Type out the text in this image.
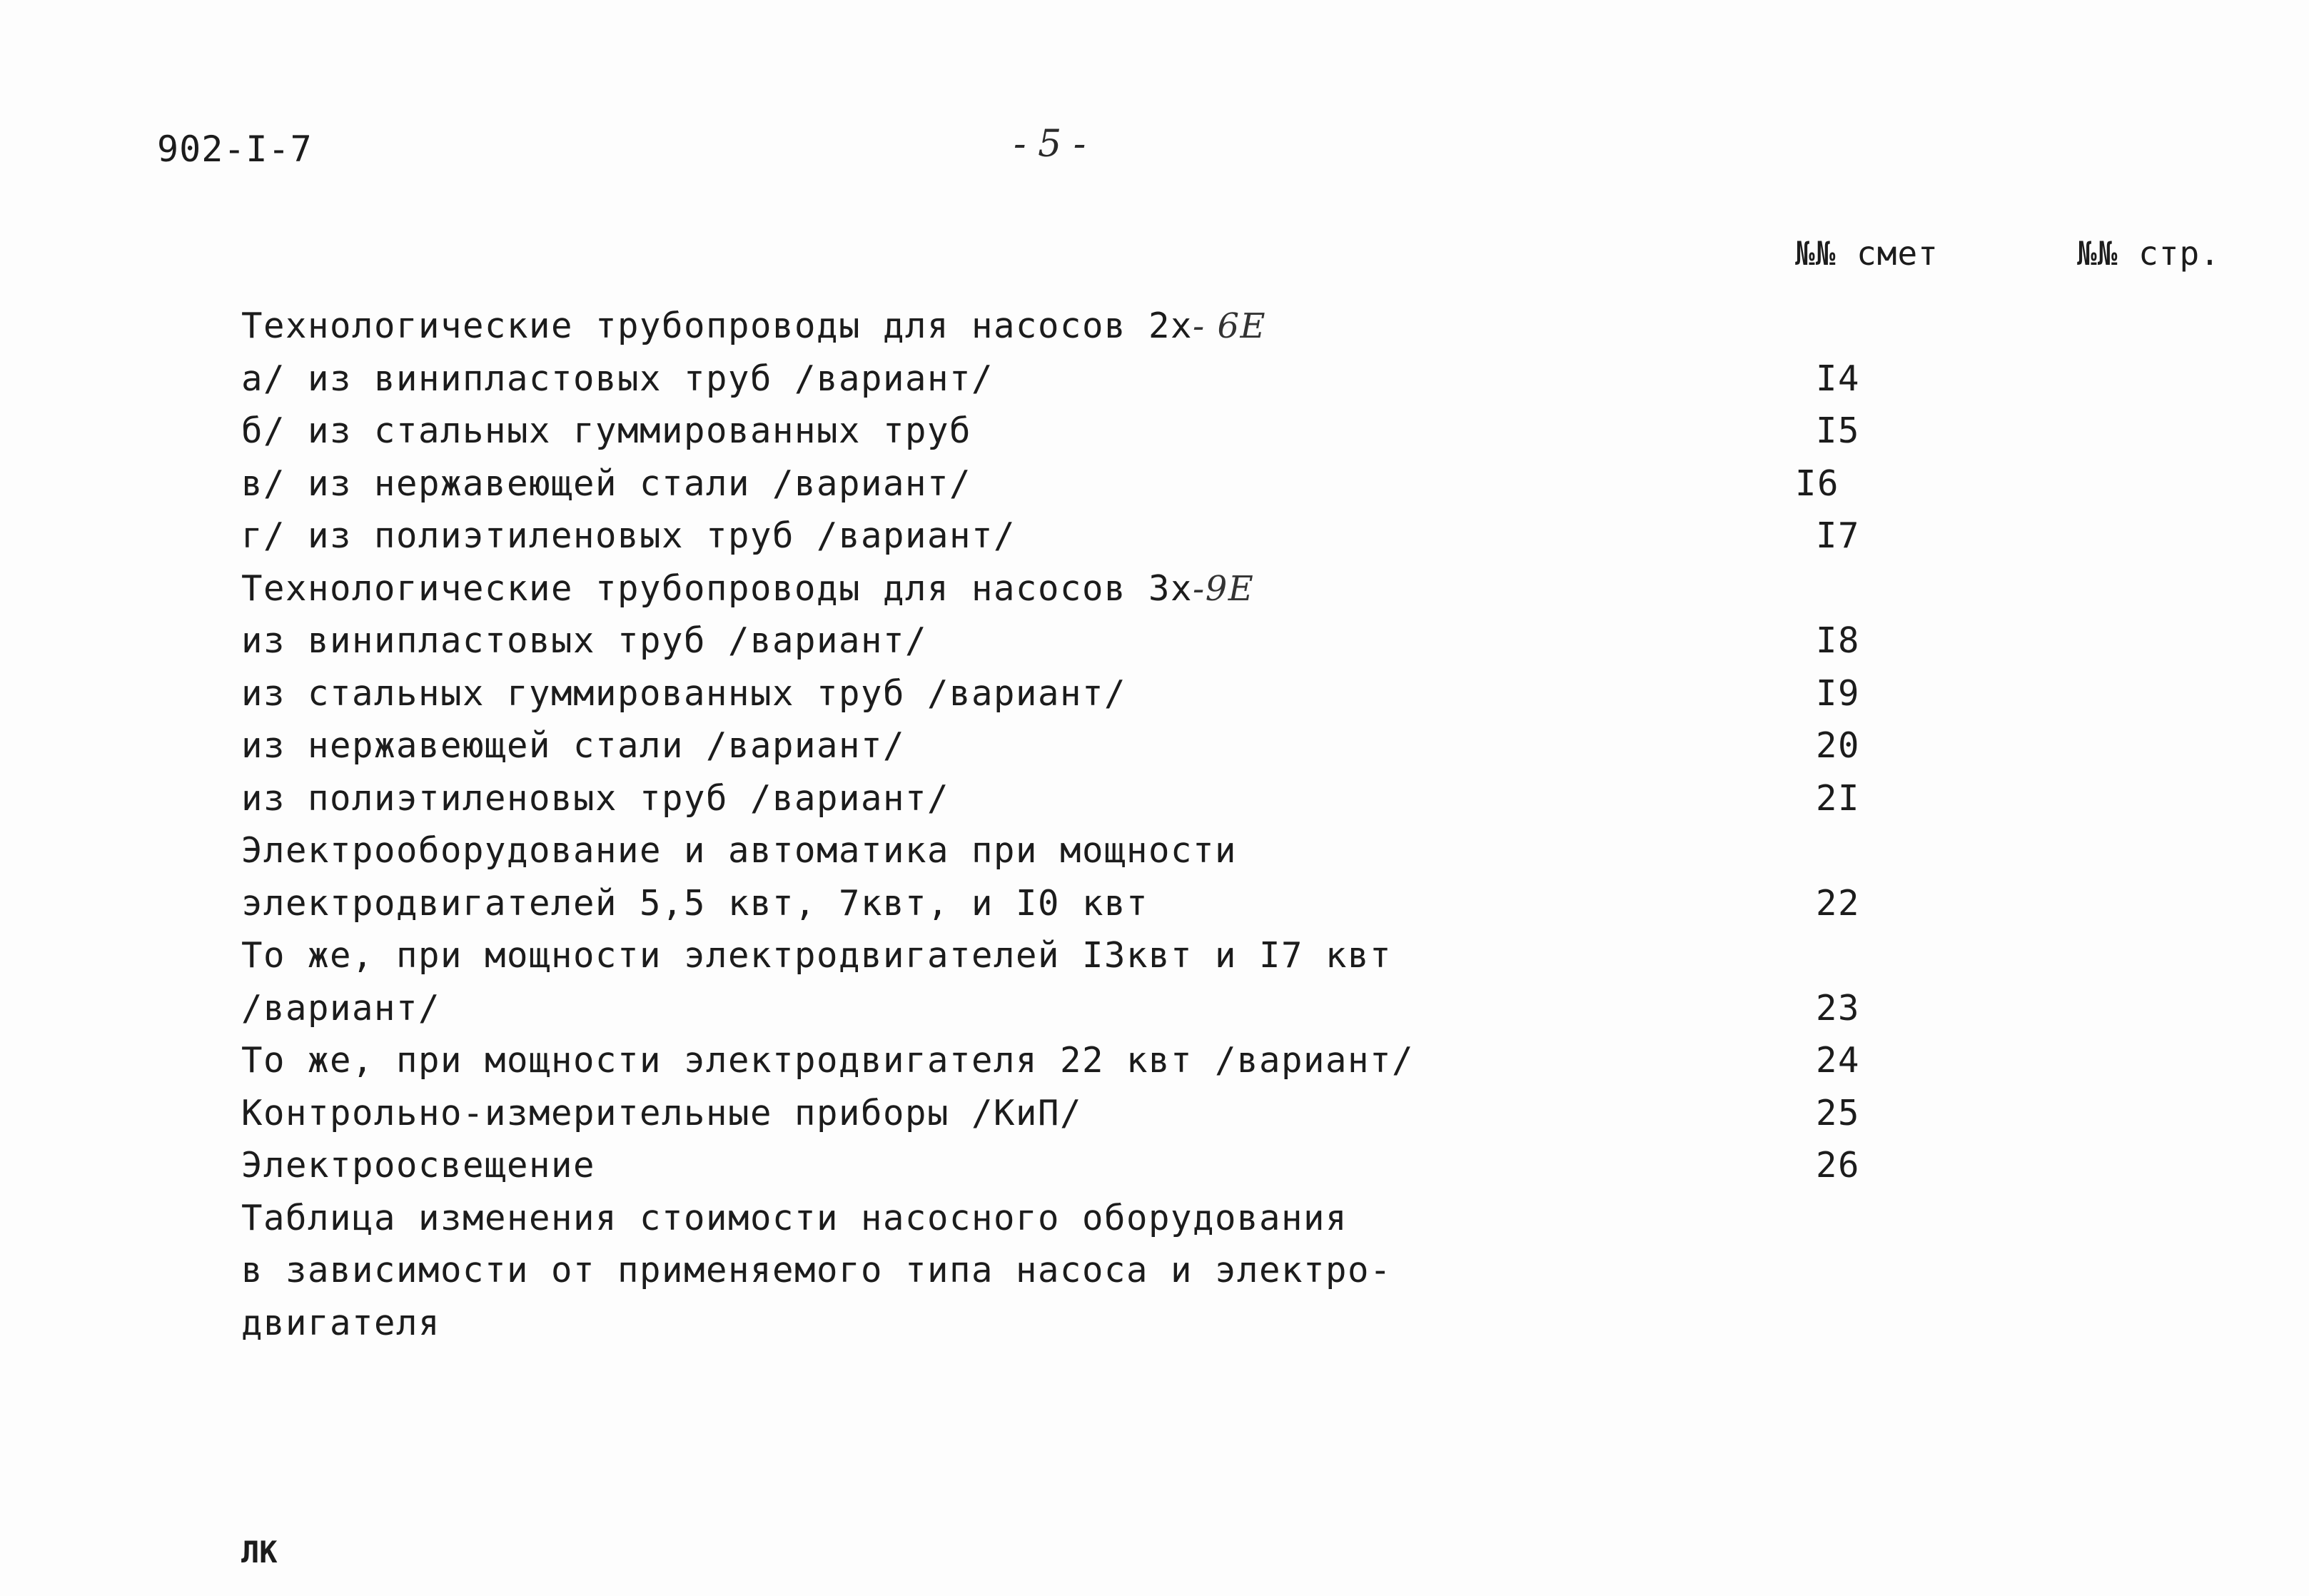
902-I-7	- 5 -
№№ смет	№№ стр.
Технологические трубопроводы для насосов 2х- 6Е
а/ из винипластовых труб /вариант/	I4
б/ из стальных гуммированных труб	I5
в/ из нержавеющей стали /вариант/	I6
г/ из полиэтиленовых труб /вариант/	I7
Технологические трубопроводы для насосов 3х-9Е
из винипластовых труб /вариант/	I8
из стальных гуммированных труб /вариант/	I9
из нержавеющей стали /вариант/	20
из полиэтиленовых труб /вариант/	2I
Электрооборудование и автоматика при мощности
электродвигателей 5,5 квт, 7квт, и I0 квт	22
То же, при мощности электродвигателей I3квт и I7 квт
/вариант/	23
То же, при мощности электродвигателя 22 квт /вариант/	24
Контрольно-измерительные приборы /КиП/	25
Электроосвещение	26
Таблица изменения стоимости насосного оборудования
в зависимости от применяемого типа насоса и электро-
двигателя
ЛК
